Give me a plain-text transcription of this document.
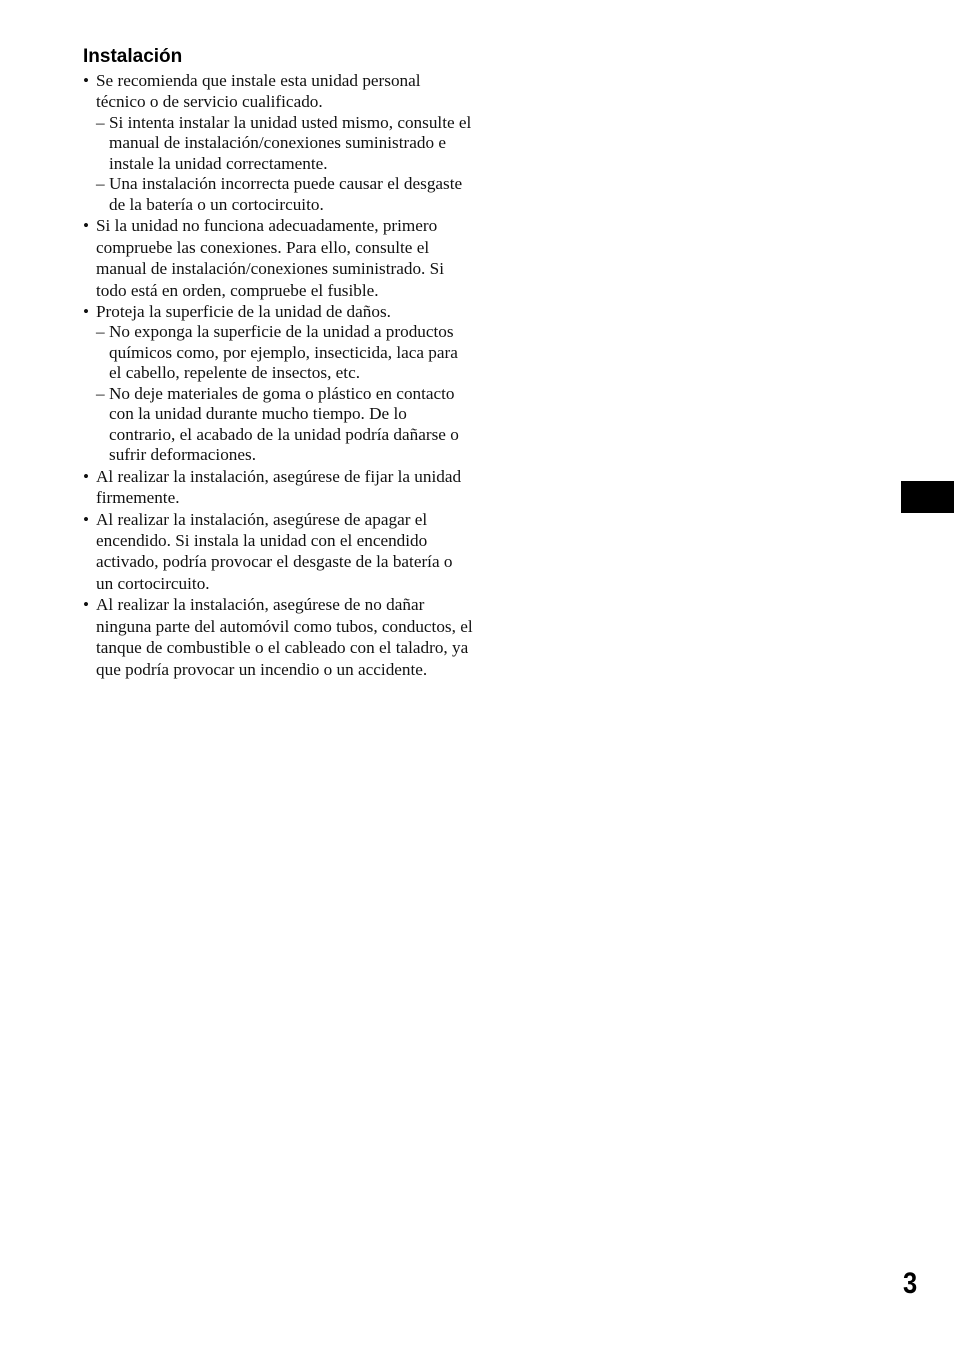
Instalación
• Se recomienda que instale esta unidad personal técnico o de servicio cualificado.
– Si intenta instalar la unidad usted mismo, consulte el manual de instalación/conexiones suministrado e instale la unidad correctamente.
– Una instalación incorrecta puede causar el desgaste de la batería o un cortocircuito.
• Si la unidad no funciona adecuadamente, primero compruebe las conexiones. Para ello, consulte el manual de instalación/conexiones suministrado. Si todo está en orden, compruebe el fusible.
• Proteja la superficie de la unidad de daños.
– No exponga la superficie de la unidad a productos químicos como, por ejemplo, insecticida, laca para el cabello, repelente de insectos, etc.
– No deje materiales de goma o plástico en contacto con la unidad durante mucho tiempo. De lo contrario, el acabado de la unidad podría dañarse o sufrir deformaciones.
• Al realizar la instalación, asegúrese de fijar la unidad firmemente.
• Al realizar la instalación, asegúrese de apagar el encendido. Si instala la unidad con el encendido activado, podría provocar el desgaste de la batería o un cortocircuito.
• Al realizar la instalación, asegúrese de no dañar ninguna parte del automóvil como tubos, conductos, el tanque de combustible o el cableado con el taladro, ya que podría provocar un incendio o un accidente.
3
